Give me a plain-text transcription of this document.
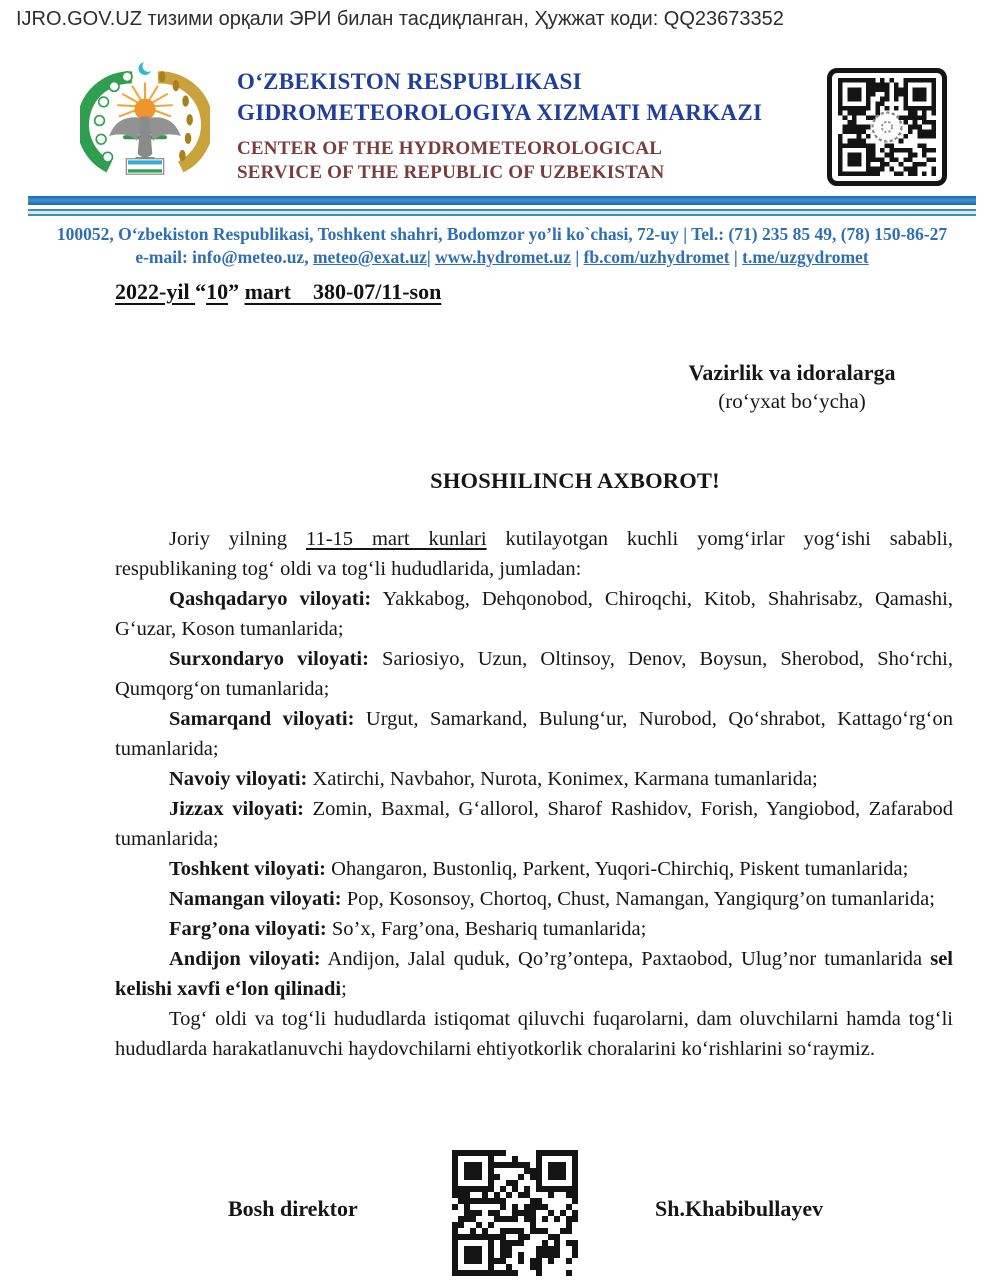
IJRO.GOV.UZ тизими орқали ЭРИ билан тасдиқланган, Ҳужжат коди: QQ23673352
O‘ZBEKISTON RESPUBLIKASI
GIDROMETEOROLOGIYA XIZMATI MARKAZI
CENTER OF THE HYDROMETEOROLOGICAL
SERVICE OF THE REPUBLIC OF UZBEKISTAN
100052, O‘zbekiston Respublikasi, Toshkent shahri, Bodomzor yo’li ko`chasi, 72-uy | Tel.: (71) 235 85 49, (78) 150-86-27
e-mail: info@meteo.uz, meteo@exat.uz| www.hydromet.uz | fb.com/uzhydromet | t.me/uzgydromet
2022-yil “10” mart    380-07/11-son
Vazirlik va idoralarga
(ro‘yxat bo‘ycha)
SHOSHILINCH AXBOROT!

Joriy yilning 11-15 mart kunlari kutilayotgan kuchli yomg‘irlar yog‘ishi sababli, respublikaning tog‘ oldi va tog‘li hududlarida, jumladan:

Qashqadaryo viloyati: Yakkabog, Dehqonobod, Chiroqchi, Kitob, Shahrisabz, Qamashi, G‘uzar, Koson tumanlarida;

Surxondaryo viloyati: Sariosiyo, Uzun, Oltinsoy, Denov, Boysun, Sherobod, Sho‘rchi, Qumqorg‘on tumanlarida;

Samarqand viloyati: Urgut, Samarkand, Bulung‘ur, Nurobod, Qo‘shrabot, Kattago‘rg‘on tumanlarida;

Navoiy viloyati: Xatirchi, Navbahor, Nurota, Konimex, Karmana tumanlarida;

Jizzax viloyati: Zomin, Baxmal, G‘allorol, Sharof Rashidov, Forish, Yangiobod, Zafarabod tumanlarida;

Toshkent viloyati: Ohangaron, Bustonliq, Parkent, Yuqori-Chirchiq, Piskent tumanlarida;

Namangan viloyati: Pop, Kosonsoy, Chortoq, Chust, Namangan, Yangiqurg’on tumanlarida;

Farg’ona viloyati: So’x, Farg’ona, Beshariq tumanlarida;

Andijon viloyati: Andijon, Jalal quduk, Qo’rg’ontepa, Paxtaobod, Ulug’nor tumanlarida sel kelishi xavfi e‘lon qilinadi;

Tog‘ oldi va tog‘li hududlarda istiqomat qiluvchi fuqarolarni, dam oluvchilarni hamda tog‘li hududlarda harakatlanuvchi haydovchilarni ehtiyotkorlik choralarini ko‘rishlarini so‘raymiz.

Bosh direktor	Sh.Khabibullayev
